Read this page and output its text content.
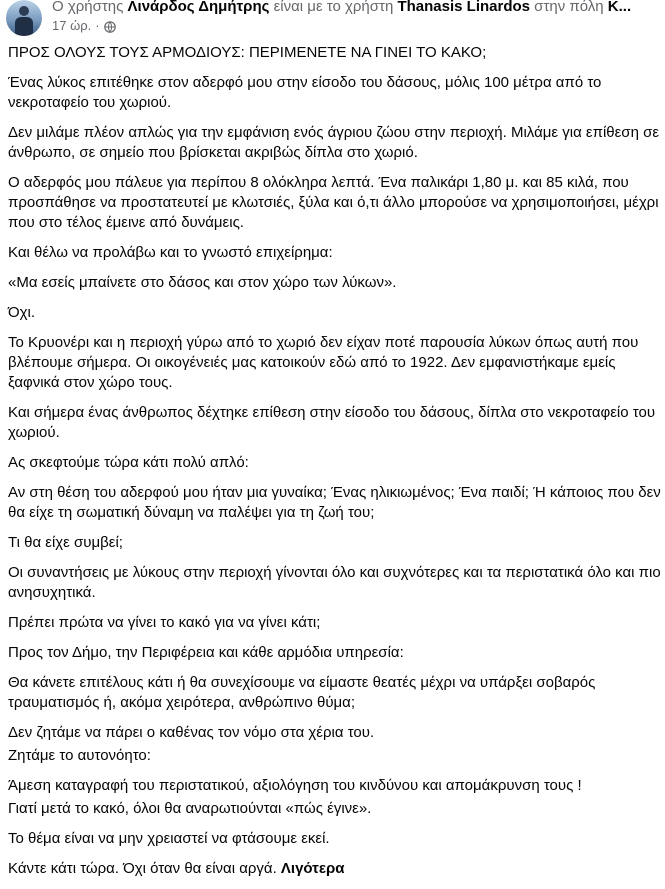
Ο χρήστης Λινάρδος Δημήτρης είναι με το χρήστη Thanasis Linardos στην πόλη Κ...
17 ώρ. ·

ΠΡΟΣ ΟΛΟΥΣ ΤΟΥΣ ΑΡΜΟΔΙΟΥΣ: ΠΕΡΙΜΕΝΕΤΕ ΝΑ ΓΙΝΕΙ ΤΟ ΚΑΚΟ;

Ένας λύκος επιτέθηκε στον αδερφό μου στην είσοδο του δάσους, μόλις 100 μέτρα από το νεκροταφείο του χωριού.

Δεν μιλάμε πλέον απλώς για την εμφάνιση ενός άγριου ζώου στην περιοχή. Μιλάμε για επίθεση σε άνθρωπο, σε σημείο που βρίσκεται ακριβώς δίπλα στο χωριό.

Ο αδερφός μου πάλευε για περίπου 8 ολόκληρα λεπτά. Ένα παλικάρι 1,80 μ. και 85 κιλά, που προσπάθησε να προστατευτεί με κλωτσιές, ξύλα και ό,τι άλλο μπορούσε να χρησιμοποιήσει, μέχρι που στο τέλος έμεινε από δυνάμεις.

Και θέλω να προλάβω και το γνωστό επιχείρημα:

«Μα εσείς μπαίνετε στο δάσος και στον χώρο των λύκων».

Όχι.

Το Κρυονέρι και η περιοχή γύρω από το χωριό δεν είχαν ποτέ παρουσία λύκων όπως αυτή που βλέπουμε σήμερα. Οι οικογένειές μας κατοικούν εδώ από το 1922. Δεν εμφανιστήκαμε εμείς ξαφνικά στον χώρο τους.

Και σήμερα ένας άνθρωπος δέχτηκε επίθεση στην είσοδο του δάσους, δίπλα στο νεκροταφείο του χωριού.

Ας σκεφτούμε τώρα κάτι πολύ απλό:

Αν στη θέση του αδερφού μου ήταν μια γυναίκα; Ένας ηλικιωμένος; Ένα παιδί; Ή κάποιος που δεν θα είχε τη σωματική δύναμη να παλέψει για τη ζωή του;

Τι θα είχε συμβεί;

Οι συναντήσεις με λύκους στην περιοχή γίνονται όλο και συχνότερες και τα περιστατικά όλο και πιο ανησυχητικά.

Πρέπει πρώτα να γίνει το κακό για να γίνει κάτι;

Προς τον Δήμο, την Περιφέρεια και κάθε αρμόδια υπηρεσία:

Θα κάνετε επιτέλους κάτι ή θα συνεχίσουμε να είμαστε θεατές μέχρι να υπάρξει σοβαρός τραυματισμός ή, ακόμα χειρότερα, ανθρώπινο θύμα;

Δεν ζητάμε να πάρει ο καθένας τον νόμο στα χέρια του.

Ζητάμε το αυτονόητο:

Άμεση καταγραφή του περιστατικού, αξιολόγηση του κινδύνου και απομάκρυνση τους !

Γιατί μετά το κακό, όλοι θα αναρωτιούνται «πώς έγινε».

Το θέμα είναι να μην χρειαστεί να φτάσουμε εκεί.

Κάντε κάτι τώρα. Όχι όταν θα είναι αργά. Λιγότερα
